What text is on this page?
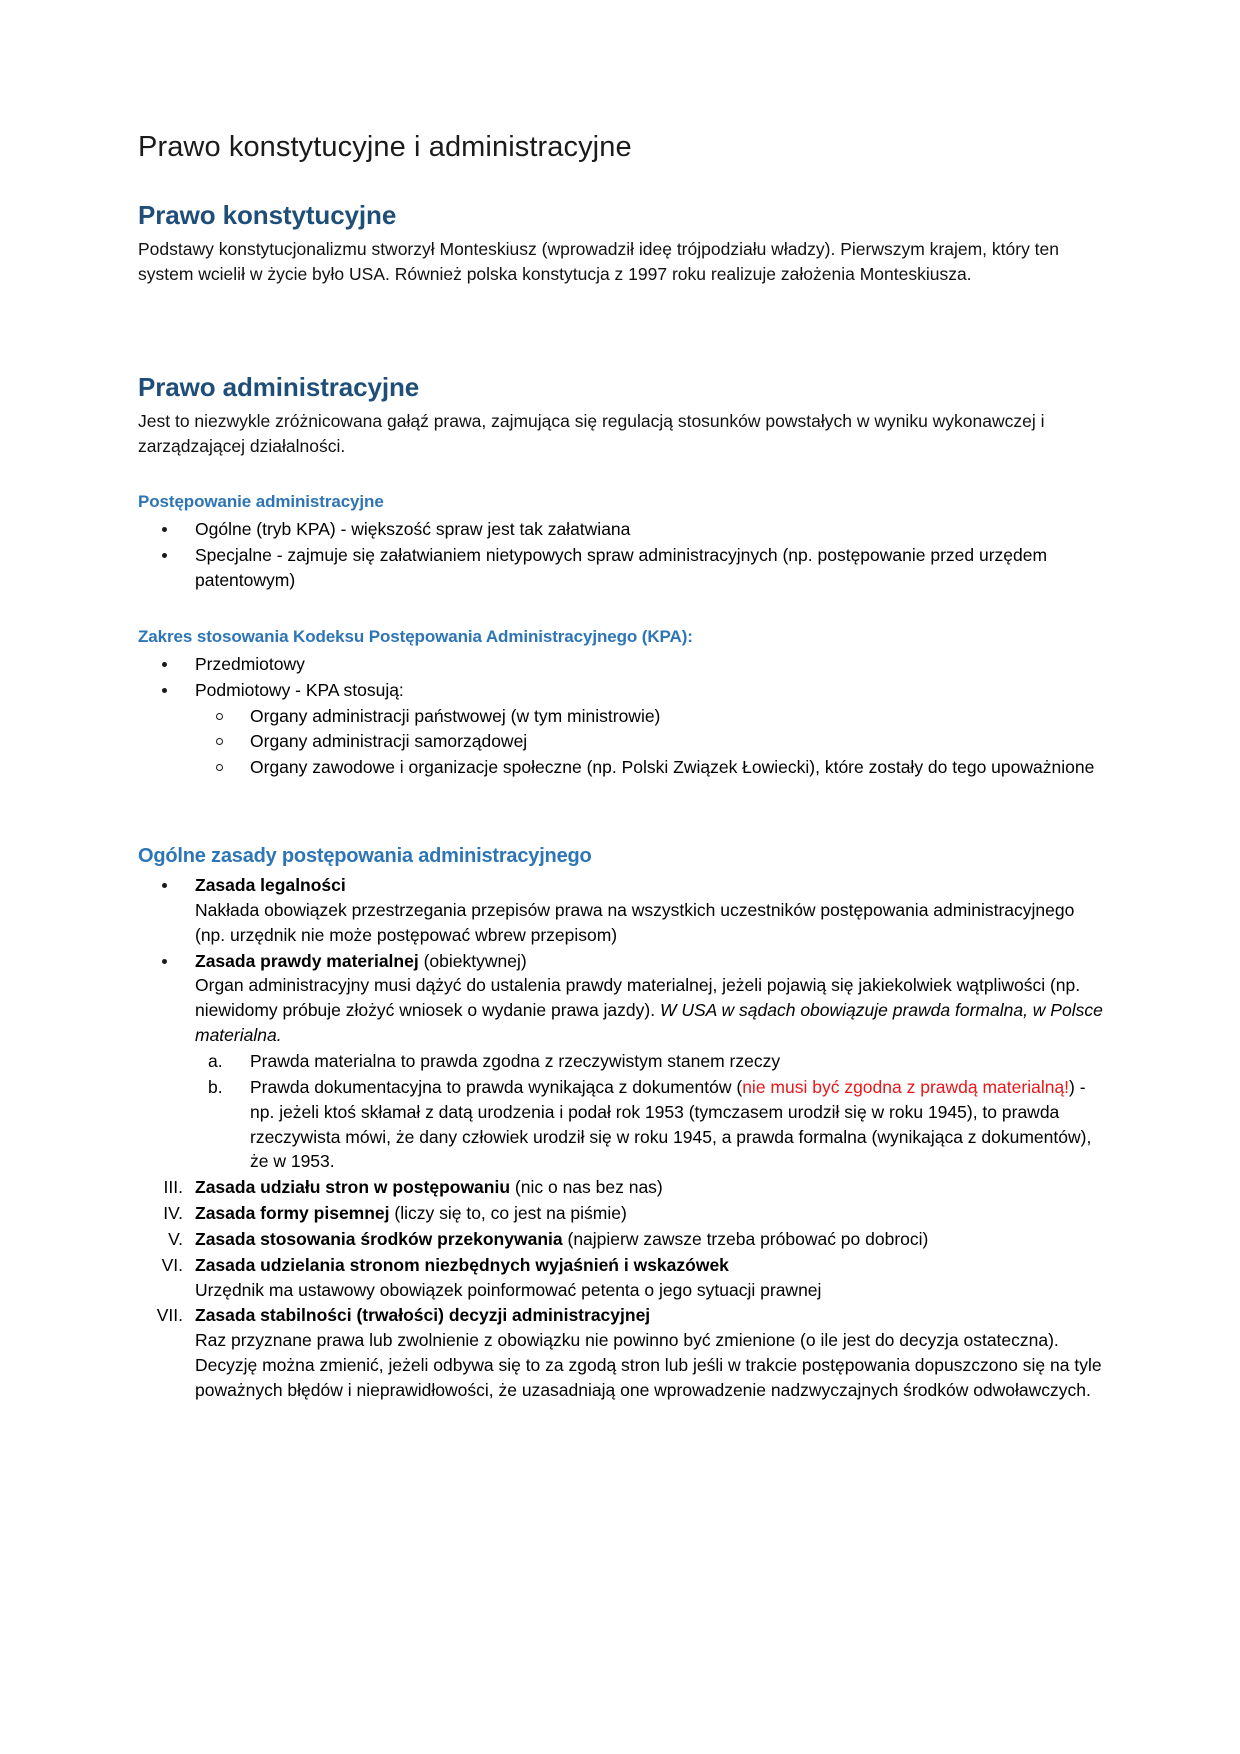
Prawo konstytucyjne i administracyjne
Prawo konstytucyjne

Podstawy konstytucjonalizmu stworzył Monteskiusz (wprowadził ideę trójpodziału władzy). Pierwszym krajem, który ten system wcielił w życie było USA. Również polska konstytucja z 1997 roku realizuje założenia Monteskiusza.

Prawo administracyjne

Jest to niezwykle zróżnicowana gałąź prawa, zajmująca się regulacją stosunków powstałych w wyniku wykonawczej i zarządzającej działalności.

Postępowanie administracyjne
Ogólne (tryb KPA) - większość spraw jest tak załatwiana
Specjalne - zajmuje się załatwianiem nietypowych spraw administracyjnych (np. postępowanie przed urzędem patentowym)
Zakres stosowania Kodeksu Postępowania Administracyjnego (KPA):
Przedmiotowy
Podmiotowy - KPA stosują:
Organy administracji państwowej (w tym ministrowie)
Organy administracji samorządowej
Organy zawodowe i organizacje społeczne (np. Polski Związek Łowiecki), które zostały do tego upoważnione
Ogólne zasady postępowania administracyjnego
Zasada legalności
Nakłada obowiązek przestrzegania przepisów prawa na wszystkich uczestników postępowania administracyjnego (np. urzędnik nie może postępować wbrew przepisom)
Zasada prawdy materialnej (obiektywnej)
Organ administracyjny musi dążyć do ustalenia prawdy materialnej, jeżeli pojawią się jakiekolwiek wątpliwości (np. niewidomy próbuje złożyć wniosek o wydanie prawa jazdy). W USA w sądach obowiązuje prawda formalna, w Polsce materialna.
a.	Prawda materialna to prawda zgodna z rzeczywistym stanem rzeczy
b.	Prawda dokumentacyjna to prawda wynikająca z dokumentów (nie musi być zgodna z prawdą materialną!) - np. jeżeli ktoś skłamał z datą urodzenia i podał rok 1953 (tymczasem urodził się w roku 1945), to prawda rzeczywista mówi, że dany człowiek urodził się w roku 1945, a prawda formalna (wynikająca z dokumentów), że w 1953.
III. Zasada udziału stron w postępowaniu (nic o nas bez nas)
IV. Zasada formy pisemnej (liczy się to, co jest na piśmie)
V. Zasada stosowania środków przekonywania (najpierw zawsze trzeba próbować po dobroci)
VI. Zasada udzielania stronom niezbędnych wyjaśnień i wskazówek
Urzędnik ma ustawowy obowiązek poinformować petenta o jego sytuacji prawnej
VII. Zasada stabilności (trwałości) decyzji administracyjnej
Raz przyznane prawa lub zwolnienie z obowiązku nie powinno być zmienione (o ile jest do decyzja ostateczna). Decyzję można zmienić, jeżeli odbywa się to za zgodą stron lub jeśli w trakcie postępowania dopuszczono się na tyle poważnych błędów i nieprawidłowości, że uzasadniają one wprowadzenie nadzwyczajnych środków odwoławczych.
